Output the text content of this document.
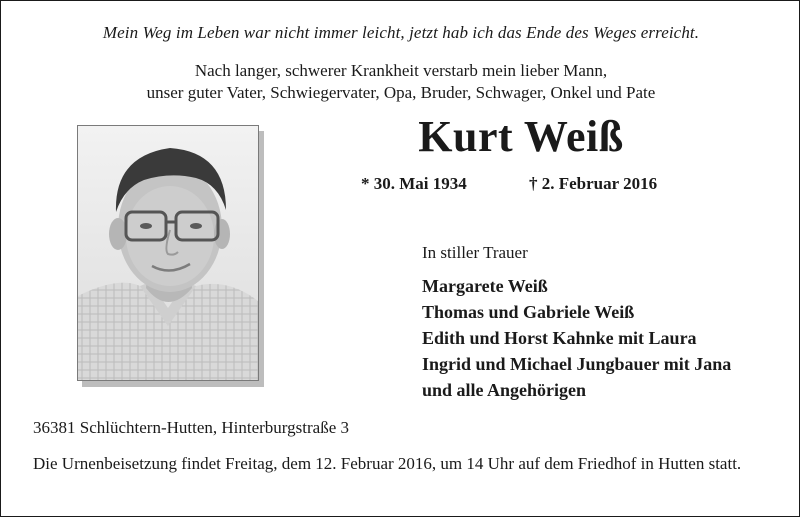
Mein Weg im Leben war nicht immer leicht, jetzt hab ich das Ende des Weges erreicht.
Nach langer, schwerer Krankheit verstarb mein lieber Mann,
unser guter Vater, Schwiegervater, Opa, Bruder, Schwager, Onkel und Pate
Kurt Weiß
* 30. Mai 1934	† 2. Februar 2016
In stiller Trauer
Margarete Weiß
Thomas und Gabriele Weiß
Edith und Horst Kahnke mit Laura
Ingrid und Michael Jungbauer mit Jana
und alle Angehörigen
36381 Schlüchtern-Hutten, Hinterburgstraße 3
Die Urnenbeisetzung findet Freitag, dem 12. Februar 2016, um 14 Uhr auf dem Friedhof in Hutten statt.
